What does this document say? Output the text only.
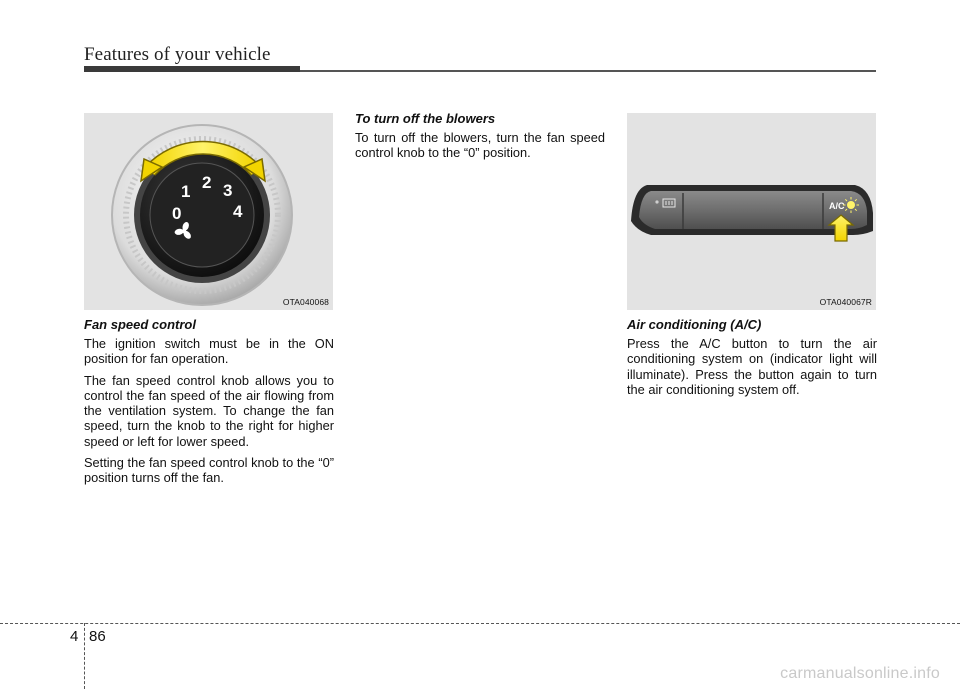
Features of your vehicle
0
1 2 3
4
OTA040068
Fan speed control

The ignition switch must be in the ON position for fan operation.

The fan speed control knob allows you to control the fan speed of the air flowing from the ventilation system. To change the fan speed, turn the knob to the right for higher speed or left for lower speed.

Setting the fan speed control knob to the “0” position turns off the fan.

To turn off the blowers

To turn off the blowers, turn the fan speed control knob to the “0” position.

A/C
OTA040067R
Air conditioning (A/C)

Press the A/C button to turn the air conditioning system on (indicator light will illuminate). Press the button again to turn the air conditioning system off.

4 86
carmanualsonline.info
